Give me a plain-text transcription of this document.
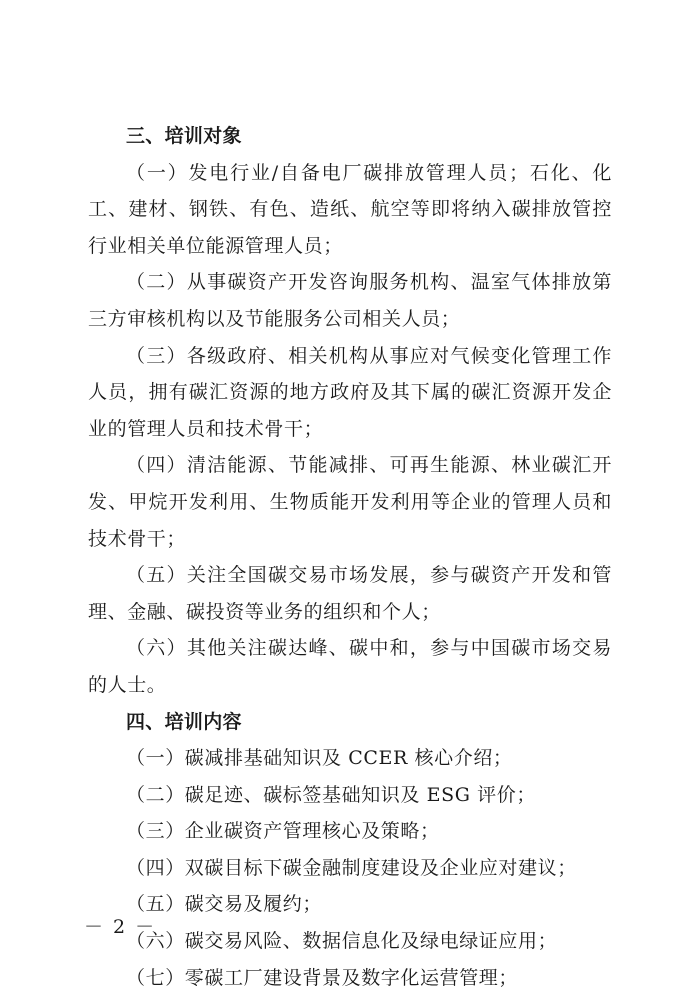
三、培训对象

（一）发电行业/自备电厂碳排放管理人员；石化、化工、建材、钢铁、有色、造纸、航空等即将纳入碳排放管控行业相关单位能源管理人员；

（二）从事碳资产开发咨询服务机构、温室气体排放第三方审核机构以及节能服务公司相关人员；

（三）各级政府、相关机构从事应对气候变化管理工作人员，拥有碳汇资源的地方政府及其下属的碳汇资源开发企业的管理人员和技术骨干；

（四）清洁能源、节能减排、可再生能源、林业碳汇开发、甲烷开发利用、生物质能开发利用等企业的管理人员和技术骨干；

（五）关注全国碳交易市场发展，参与碳资产开发和管理、金融、碳投资等业务的组织和个人；

（六）其他关注碳达峰、碳中和，参与中国碳市场交易的人士。

四、培训内容

（一）碳减排基础知识及 CCER 核心介绍；

（二）碳足迹、碳标签基础知识及 ESG 评价；

（三）企业碳资产管理核心及策略；

（四）双碳目标下碳金融制度建设及企业应对建议；

（五）碳交易及履约；

（六）碳交易风险、数据信息化及绿电绿证应用；

（七）零碳工厂建设背景及数字化运营管理；

－ 2 －
